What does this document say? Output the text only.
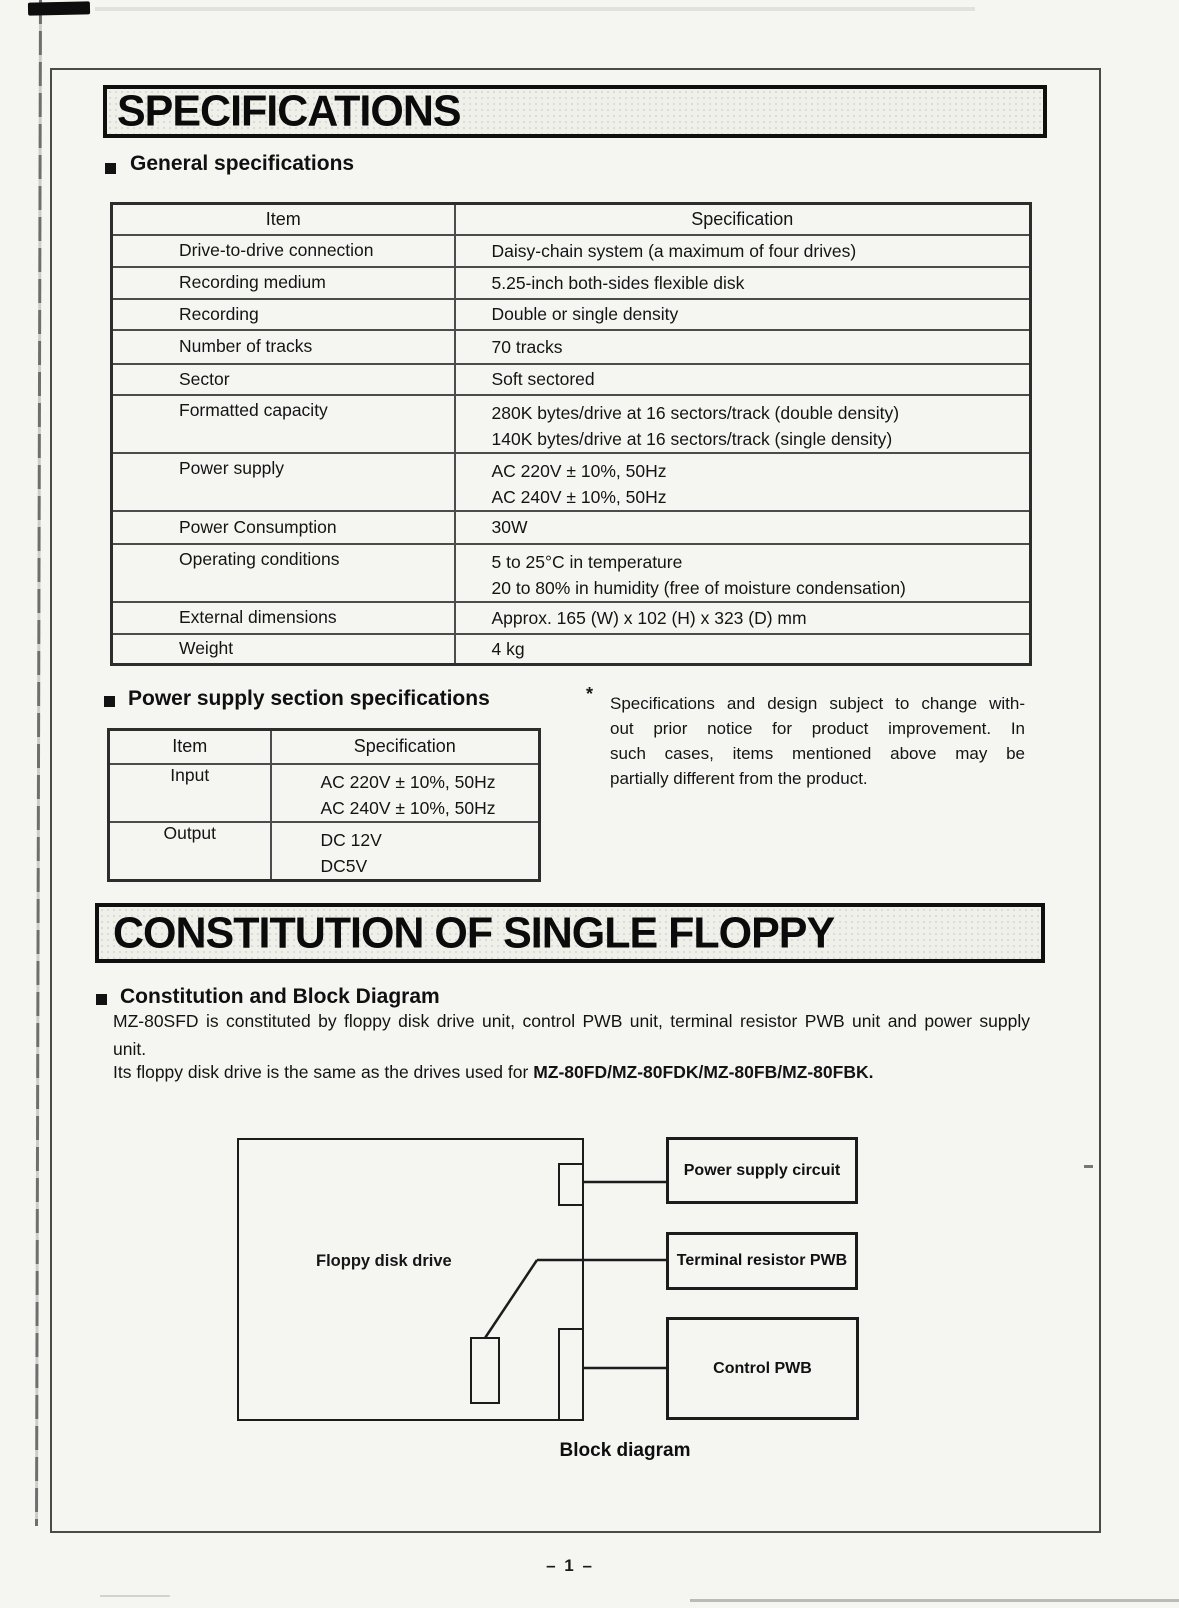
SPECIFICATIONS
General specifications
Item	Specification
Drive-to-drive connection	Daisy-chain system (a maximum of four drives)

Recording medium	5.25-inch both-sides flexible disk

Recording	Double or single density

Number of tracks	70 tracks

Sector	Soft sectored

Formatted capacity	280K bytes/drive at 16 sectors/track (double density)
140K bytes/drive at 16 sectors/track (single density)

Power supply	AC 220V ± 10%, 50Hz
AC 240V ± 10%, 50Hz

Power Consumption	30W

Operating conditions	5 to 25°C in temperature
20 to 80% in humidity (free of moisture condensation)

External dimensions	Approx. 165 (W) x 102 (H) x 323 (D) mm

Weight	4 kg
Power supply section specifications
Item	Specification
Input	AC 220V ± 10%, 50Hz
AC 240V ± 10%, 50Hz

Output	DC 12V
DC5V
* Specifications and design subject to change with-
out prior notice for product improvement. In
such cases, items mentioned above may be
partially different from the product.
CONSTITUTION OF SINGLE FLOPPY
Constitution and Block Diagram
MZ-80SFD is constituted by floppy disk drive unit, control PWB unit, terminal resistor PWB unit and power supply
unit.
Its floppy disk drive is the same as the drives used for MZ-80FD/MZ-80FDK/MZ-80FB/MZ-80FBK.
Floppy disk drive
Power supply circuit
Terminal resistor PWB
Control PWB
Block diagram
– 1 –
